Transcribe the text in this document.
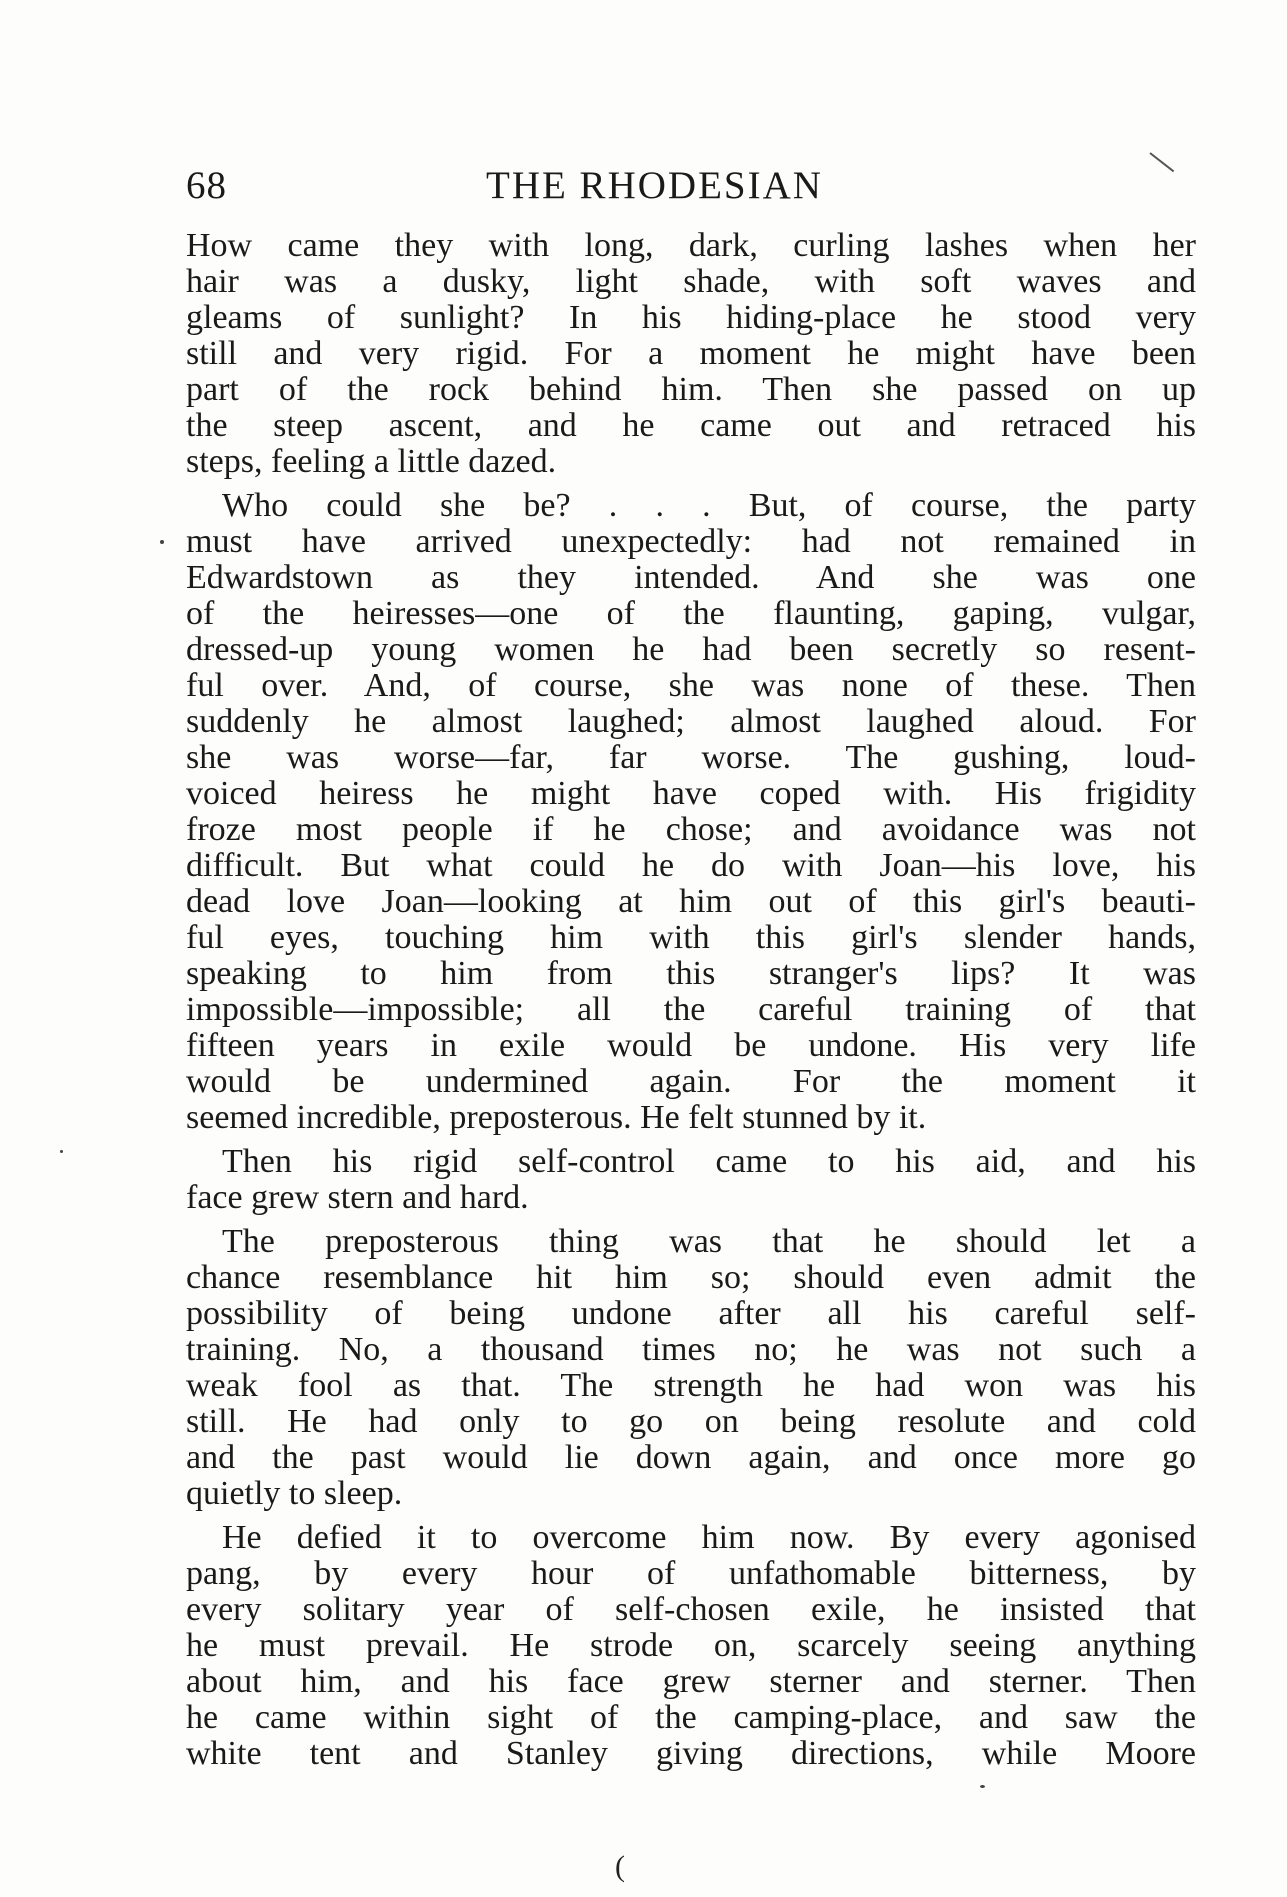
68	THE RHODESIAN
How came they with long, dark, curling lashes when her
hair was a dusky, light shade, with soft waves and
gleams of sunlight? In his hiding-place he stood very
still and very rigid. For a moment he might have been
part of the rock behind him. Then she passed on up
the steep ascent, and he came out and retraced his
steps, feeling a little dazed.
Who could she be? . . . But, of course, the party
must have arrived unexpectedly: had not remained in
Edwardstown as they intended. And she was one
of the heiresses—one of the flaunting, gaping, vulgar,
dressed-up young women he had been secretly so resent-
ful over. And, of course, she was none of these. Then
suddenly he almost laughed; almost laughed aloud. For
she was worse—far, far worse. The gushing, loud-
voiced heiress he might have coped with. His frigidity
froze most people if he chose; and avoidance was not
difficult. But what could he do with Joan—his love, his
dead love Joan—looking at him out of this girl's beauti-
ful eyes, touching him with this girl's slender hands,
speaking to him from this stranger's lips? It was
impossible—impossible; all the careful training of that
fifteen years in exile would be undone. His very life
would be undermined again. For the moment it
seemed incredible, preposterous. He felt stunned by it.
Then his rigid self-control came to his aid, and his
face grew stern and hard.
The preposterous thing was that he should let a
chance resemblance hit him so; should even admit the
possibility of being undone after all his careful self-
training. No, a thousand times no; he was not such a
weak fool as that. The strength he had won was his
still. He had only to go on being resolute and cold
and the past would lie down again, and once more go
quietly to sleep.
He defied it to overcome him now. By every agonised
pang, by every hour of unfathomable bitterness, by
every solitary year of self-chosen exile, he insisted that
he must prevail. He strode on, scarcely seeing anything
about him, and his face grew sterner and sterner. Then
he came within sight of the camping-place, and saw the
white tent and Stanley giving directions, while Moore
(
